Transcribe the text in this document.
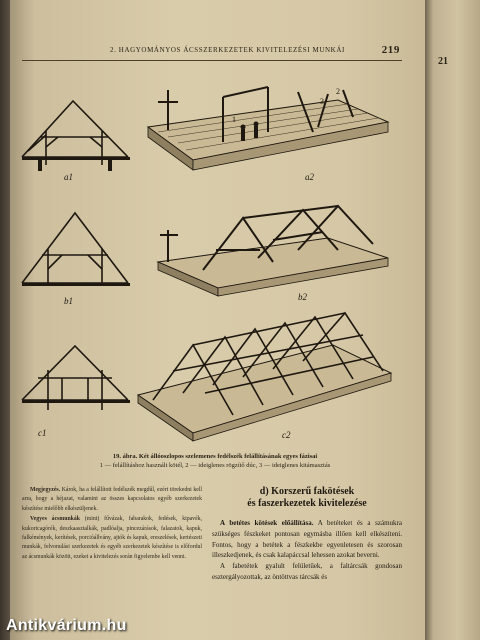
21
2. HAGYOMÁNYOS ÁCSSZERKEZETEK KIVITELEZÉSI MUNKÁI	219
a1
1
2
3
a2
b1	b2
c1	c2
19. ábra. Két állóoszlopos szelemenes fedélszék felállításának egyes fázisai
1 — felállításhoz használt kötél, 2 — ideiglenes rögzítő dúc, 3 — ideiglenes kitámasztás

Megjegyzés. Károk, ha a felállított fedélszék megdűl, ezért törekedni kell arra, hogy a héjazat, valamint az összes kapcsolatos egyéb szerkezetek készítése mielőbb elkészüljenek.

Vegyes ácsmunkák (mint) fűvázak, fabarakok, fedések, kipavék, kukoricagórék, deszkaasztalkák, padlóalja, pincezárások, falazatok, kapuk, falkémények, kerítések, porcióállvány, ajtók és kapuk, ereszelések, kertészeti munkák, felvonulási szerkezetek és egyéb szerkezetek készítése is előfordul az ácsmunkák között, ezeket a kivitelezés során figyelembe kell venni.

d) Korszerű fakötések
és faszerkezetek kivitelezése

A betétes kötések előállítása. A betéteket és a számukra szükséges fészkeket pontosan egymásba illően kell elkészíteni. Fontos, hogy a betétek a fészkekbe egyenletesen és szorosan illeszkedjenek, és csak kalapáccsal lehessen azokat beverni.

A fabetétek gyalult felületűek, a faltárcsák gondosan esztergályozottak, az öntöttvas tárcsák és

Antikvárium.hu
